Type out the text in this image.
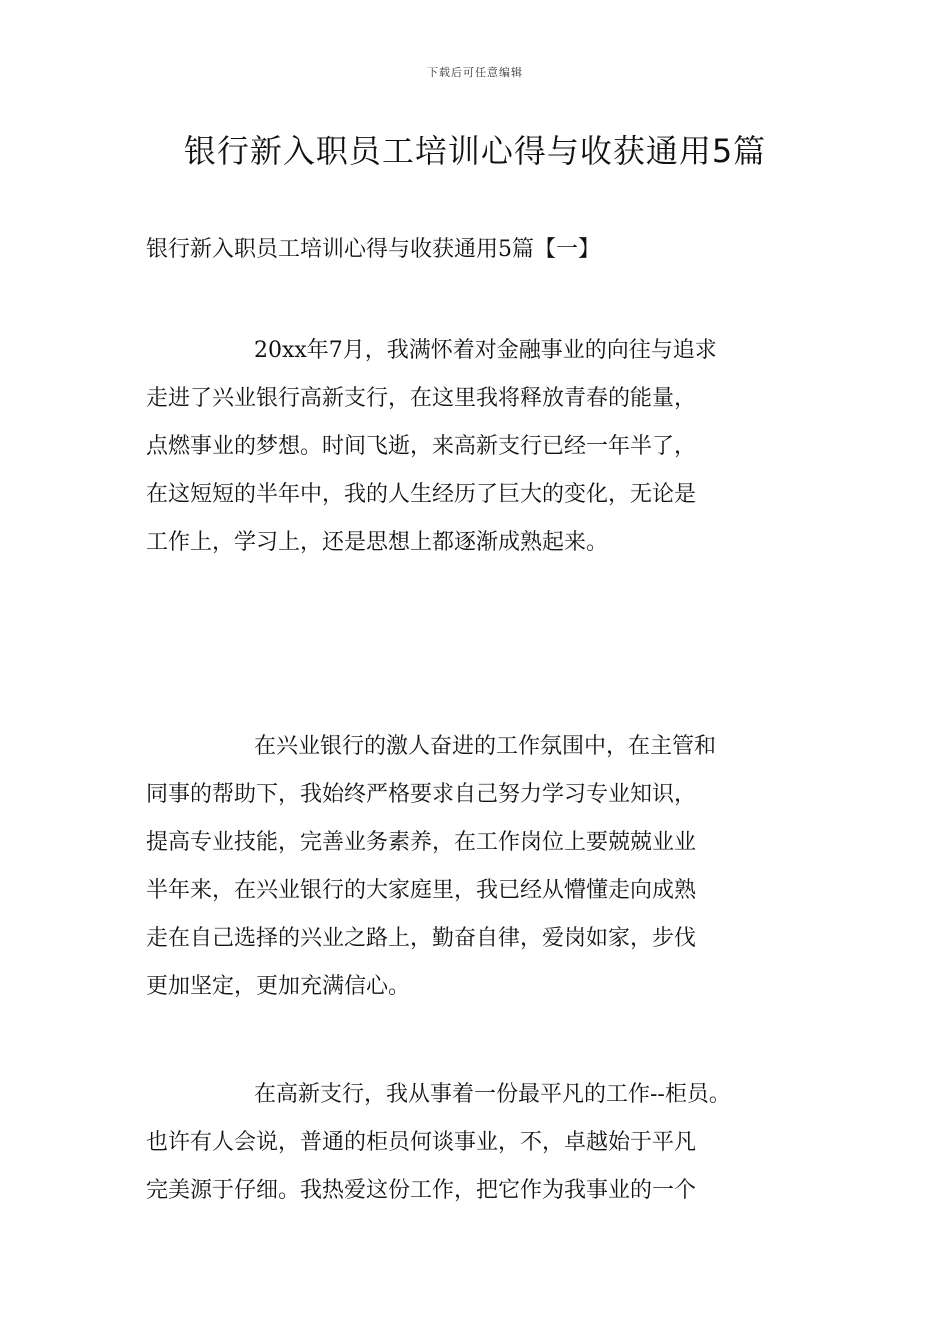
下载后可任意编辑
银行新入职员工培训心得与收获通用5篇
银行新入职员工培训心得与收获通用5篇【一】
20xx年7月，我满怀着对金融事业的向往与追求
走进了兴业银行高新支行，在这里我将释放青春的能量，
点燃事业的梦想。时间飞逝，来高新支行已经一年半了，
在这短短的半年中，我的人生经历了巨大的变化，无论是
工作上，学习上，还是思想上都逐渐成熟起来。
在兴业银行的激人奋进的工作氛围中，在主管和
同事的帮助下，我始终严格要求自己努力学习专业知识，
提高专业技能，完善业务素养，在工作岗位上要兢兢业业
半年来，在兴业银行的大家庭里，我已经从懵懂走向成熟
走在自己选择的兴业之路上，勤奋自律，爱岗如家，步伐
更加坚定，更加充满信心。
在高新支行，我从事着一份最平凡的工作--柜员。
也许有人会说，普通的柜员何谈事业，不，卓越始于平凡
完美源于仔细。我热爱这份工作，把它作为我事业的一个
